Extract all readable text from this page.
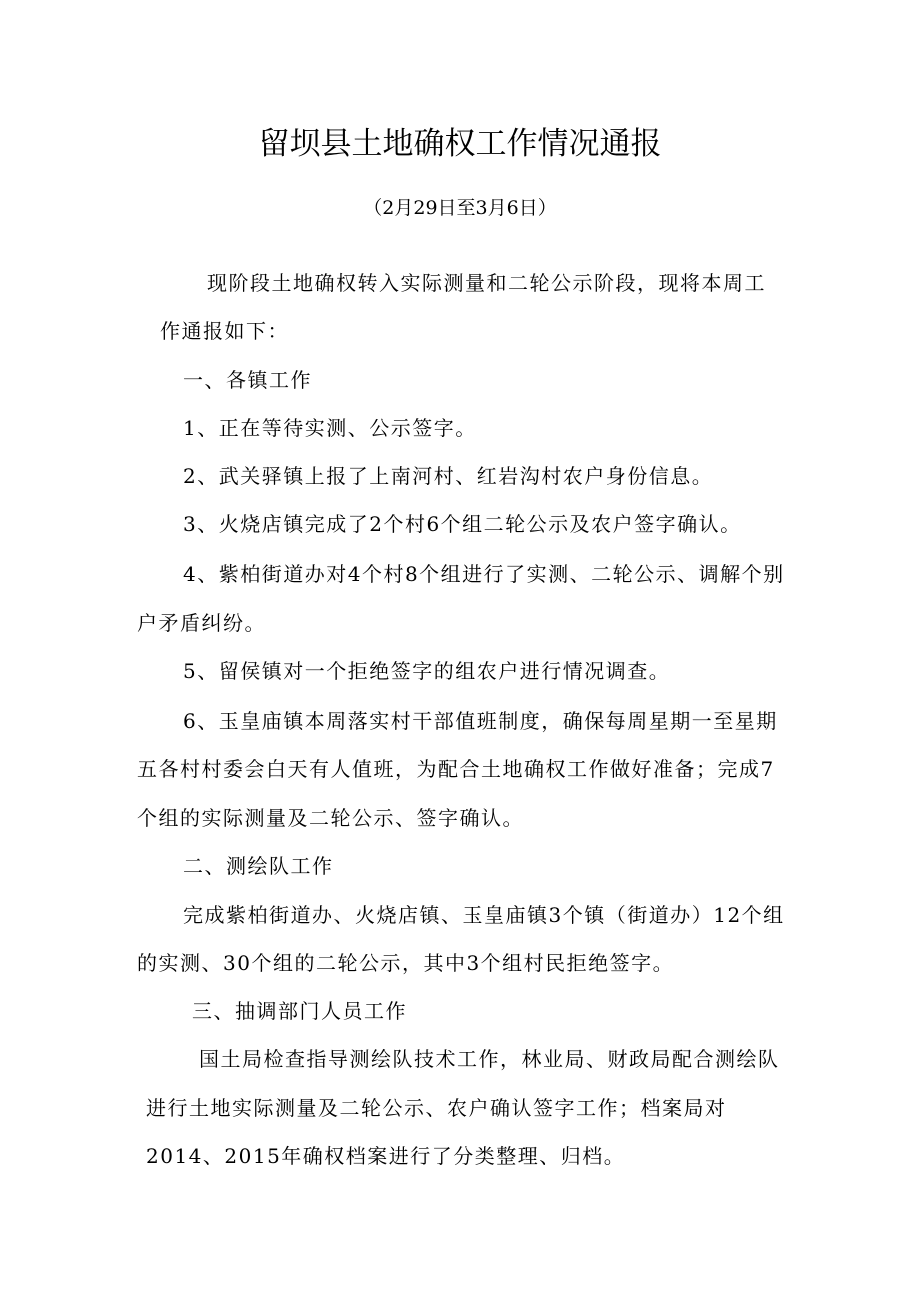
留坝县土地确权工作情况通报
（2月29日至3月6日）
现阶段土地确权转入实际测量和二轮公示阶段，现将本周工
作通报如下：
一、各镇工作
1、正在等待实测、公示签字。
2、武关驿镇上报了上南河村、红岩沟村农户身份信息。
3、火烧店镇完成了2个村6个组二轮公示及农户签字确认。
4、紫柏街道办对4个村8个组进行了实测、二轮公示、调解个别
户矛盾纠纷。
5、留侯镇对一个拒绝签字的组农户进行情况调查。
6、玉皇庙镇本周落实村干部值班制度，确保每周星期一至星期
五各村村委会白天有人值班，为配合土地确权工作做好准备；完成7
个组的实际测量及二轮公示、签字确认。
二、测绘队工作
完成紫柏街道办、火烧店镇、玉皇庙镇3个镇（街道办）12个组
的实测、30个组的二轮公示，其中3个组村民拒绝签字。
三、抽调部门人员工作
国土局检查指导测绘队技术工作，林业局、财政局配合测绘队
进行土地实际测量及二轮公示、农户确认签字工作；档案局对
2014、2015年确权档案进行了分类整理、归档。
